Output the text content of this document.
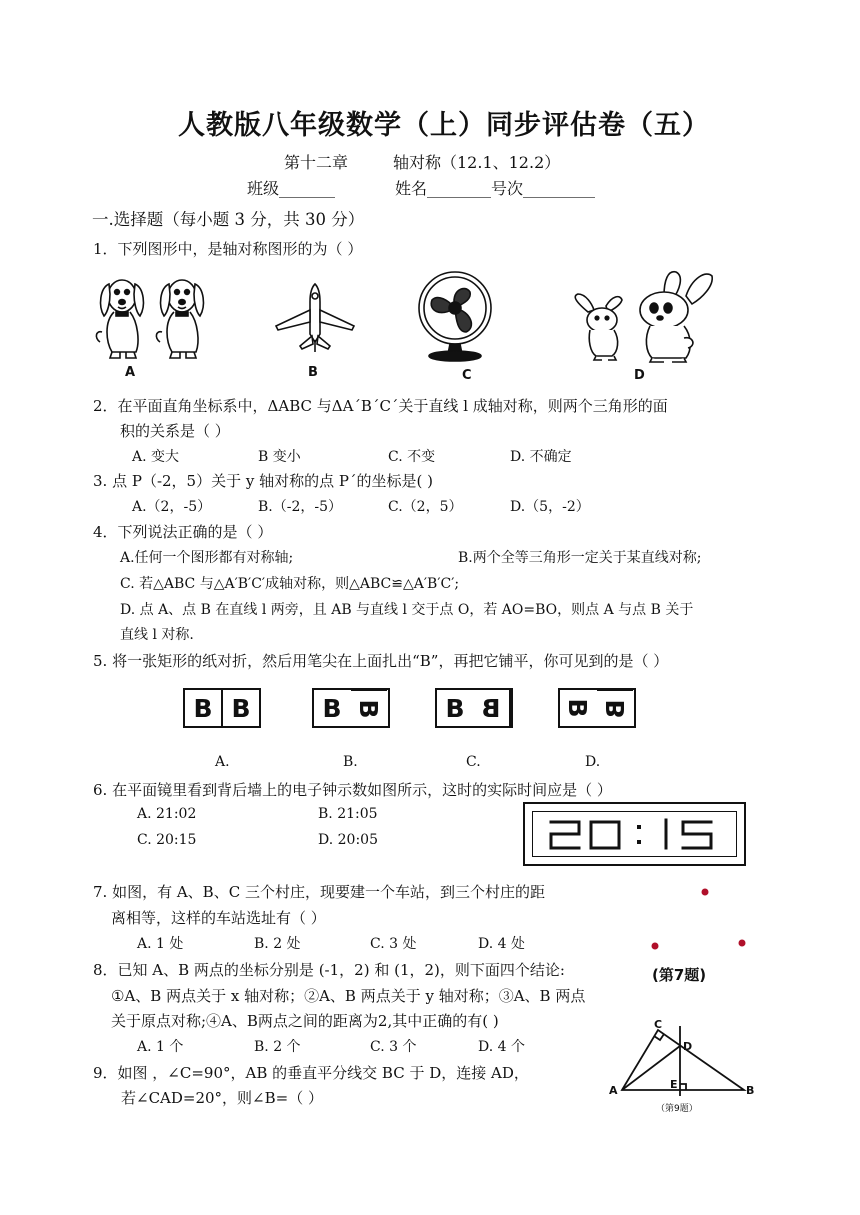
人教版八年级数学（上）同步评估卷（五）
第十二章	轴对称（12.1、12.2）
班级_______	姓名________号次_________
一.选择题（每小题 3 分，共 30 分）
1．下列图形中，是轴对称图形的为（ ）
A	B	C	D
2．在平面直角坐标系中，ΔABC 与ΔA´B´C´关于直线 l 成轴对称，则两个三角形的面
积的关系是（ ）
A. 变大	B 变小	C. 不变	D. 不确定
3. 点 P（-2，5）关于 y 轴对称的点 P´的坐标是( )
A.（2，-5）	B.（-2，-5）	C.（2，5）	D.（5，-2）
4．下列说法正确的是（ ）
A.任何一个图形都有对称轴;	B.两个全等三角形一定关于某直线对称;
C. 若△ABC 与△A′B′C′成轴对称，则△ABC≌△A′B′C′;
D. 点 A、点 B 在直线 l 两旁，且 AB 与直线 l 交于点 O，若 AO=BO，则点 A 与点 B 关于
直线 l 对称.
5. 将一张矩形的纸对折，然后用笔尖在上面扎出“B”，再把它铺平，你可见到的是（ ）
B B	B B	B B	B B
A.	B.	C.	D.
6. 在平面镜里看到背后墙上的电子钟示数如图所示，这时的实际时间应是（ ）
A. 21:02	B. 21:05
C. 20:15	D. 20:05
7. 如图，有 A、B、C 三个村庄，现要建一个车站，到三个村庄的距
离相等，这样的车站选址有（ ）
A. 1 处	B. 2 处	C. 3 处	D. 4 处
(第7题)
8．已知 A、B 两点的坐标分别是 (-1，2) 和 (1，2)，则下面四个结论:
①A、B 两点关于 x 轴对称；②A、B 两点关于 y 轴对称；③A、B 两点
关于原点对称;④A、B两点之间的距离为2,其中正确的有( )
A. 1 个	B. 2 个	C. 3 个	D. 4 个
9．如图 ，∠C=90°，AB 的垂直平分线交 BC 于 D，连接 AD，
若∠CAD=20°，则∠B=（ ）
C
D
A	E	B
（第9题）
